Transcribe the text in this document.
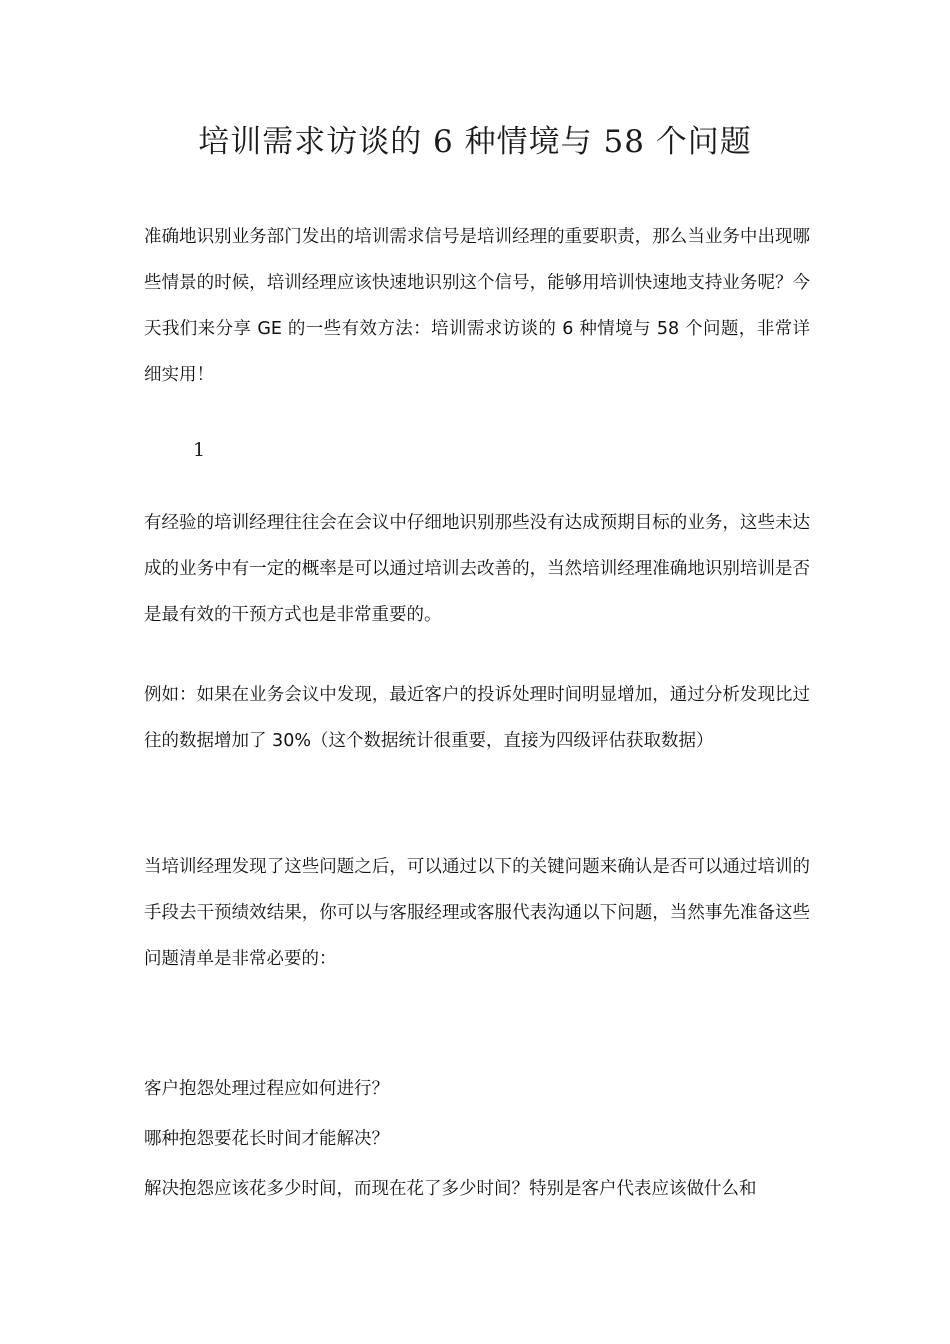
培训需求访谈的 6 种情境与 58 个问题
准确地识别业务部门发出的培训需求信号是培训经理的重要职责，那么当业务中出现哪些情景的时候，培训经理应该快速地识别这个信号，能够用培训快速地支持业务呢？今天我们来分享 GE 的一些有效方法：培训需求访谈的 6 种情境与 58 个问题，非常详细实用！
1
有经验的培训经理往往会在会议中仔细地识别那些没有达成预期目标的业务，这些未达成的业务中有一定的概率是可以通过培训去改善的，当然培训经理准确地识别培训是否是最有效的干预方式也是非常重要的。
例如：如果在业务会议中发现，最近客户的投诉处理时间明显增加，通过分析发现比过往的数据增加了 30%（这个数据统计很重要，直接为四级评估获取数据）
当培训经理发现了这些问题之后，可以通过以下的关键问题来确认是否可以通过培训的手段去干预绩效结果，你可以与客服经理或客服代表沟通以下问题，当然事先准备这些问题清单是非常必要的：
客户抱怨处理过程应如何进行？
哪种抱怨要花长时间才能解决？
解决抱怨应该花多少时间，而现在花了多少时间？特别是客户代表应该做什么和
